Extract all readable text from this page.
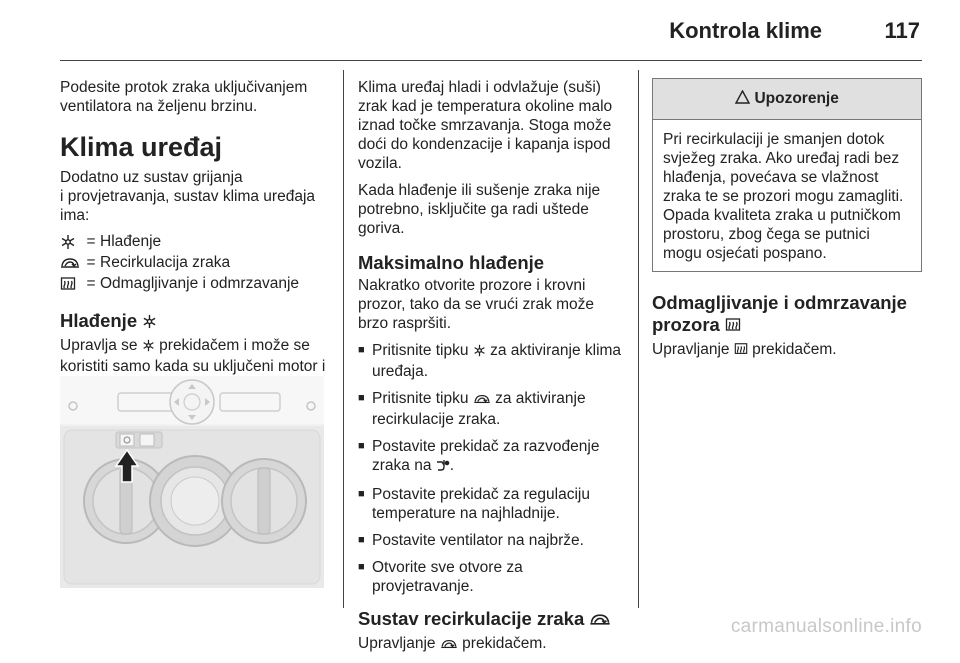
Kontrola klime	117

Podesite protok zraka uključivanjem ventilatora na željenu brzinu.

Klima uređaj
Dodatno uz sustav grijanja
i provjetravanja, sustav klima uređaja ima:
= Hlađenje
= Recirkulacija zraka
= Odmagljivanje i odmrzavanje
Hlađenje

Upravlja se prekidačem i može se koristiti samo kada su uključeni motor i

Klima uređaj hladi i odvlažuje (suši) zrak kad je temperatura okoline malo iznad točke smrzavanja. Stoga može doći do kondenzacije i kapanja ispod vozila.

Kada hlađenje ili sušenje zraka nije potrebno, isključite ga radi uštede goriva.

Maksimalno hlađenje

Nakratko otvorite prozore i krovni prozor, tako da se vrući zrak može brzo raspršiti.

■ Pritisnite tipku za aktiviranje klima uređaja.
■ Pritisnite tipku za aktiviranje recirkulacije zraka.
■ Postavite prekidač za razvođenje zraka na .
■ Postavite prekidač za regulaciju temperature na najhladnije.
■ Postavite ventilator na najbrže.
■ Otvorite sve otvore za provjetravanje.
Sustav recirkulacije zraka

Upravljanje prekidačem.

Upozorenje
Pri recirkulaciji je smanjen dotok svježeg zraka. Ako uređaj radi bez hlađenja, povećava se vlažnost zraka te se prozori mogu zamagliti. Opada kvaliteta zraka u putničkom prostoru, zbog čega se putnici mogu osjećati pospano.
Odmagljivanje i odmrzavanje
prozora

Upravljanje prekidačem.

carmanualsonline.info
